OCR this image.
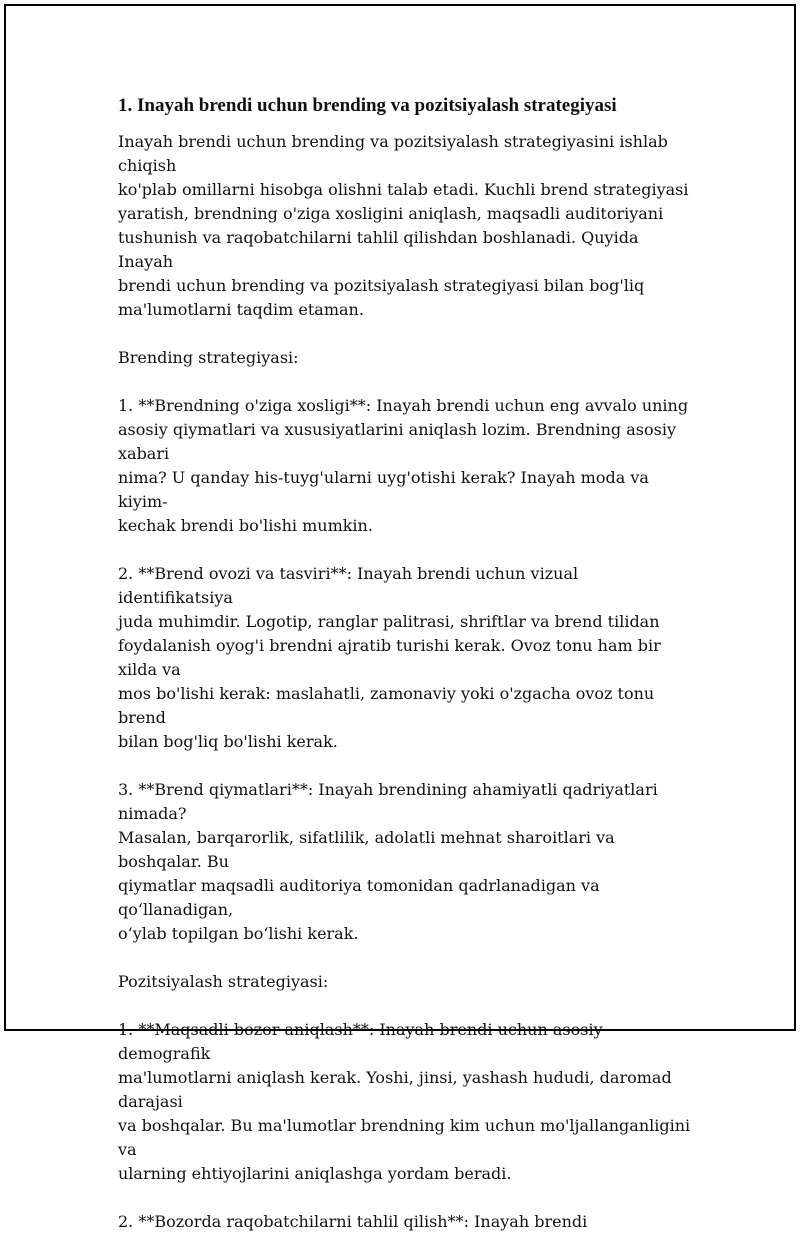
1. Inayah brendi uchun brending va pozitsiyalash strategiyasi

Inayah brendi uchun brending va pozitsiyalash strategiyasini ishlab chiqish
ko'plab omillarni hisobga olishni talab etadi. Kuchli brend strategiyasi
yaratish, brendning o'ziga xosligini aniqlash, maqsadli auditoriyani
tushunish va raqobatchilarni tahlil qilishdan boshlanadi. Quyida Inayah
brendi uchun brending va pozitsiyalash strategiyasi bilan bog'liq
ma'lumotlarni taqdim etaman.

Brending strategiyasi:

1. **Brendning o'ziga xosligi**: Inayah brendi uchun eng avvalo uning
asosiy qiymatlari va xususiyatlarini aniqlash lozim. Brendning asosiy xabari
nima? U qanday his-tuyg'ularni uyg'otishi kerak? Inayah moda va kiyim-
kechak brendi bo'lishi mumkin.

2. **Brend ovozi va tasviri**: Inayah brendi uchun vizual identifikatsiya
juda muhimdir. Logotip, ranglar palitrasi, shriftlar va brend tilidan
foydalanish oyog'i brendni ajratib turishi kerak. Ovoz tonu ham bir xilda va
mos bo'lishi kerak: maslahatli, zamonaviy yoki o'zgacha ovoz tonu brend
bilan bog'liq bo'lishi kerak.

3. **Brend qiymatlari**: Inayah brendining ahamiyatli qadriyatlari nimada?
Masalan, barqarorlik, sifatlilik, adolatli mehnat sharoitlari va boshqalar. Bu
qiymatlar maqsadli auditoriya tomonidan qadrlanadigan va qo‘llanadigan,
o‘ylab topilgan bo‘lishi kerak.

Pozitsiyalash strategiyasi:

1. **Maqsadli bozor aniqlash**: Inayah brendi uchun asosiy demografik
ma'lumotlarni aniqlash kerak. Yoshi, jinsi, yashash hududi, daromad darajasi
va boshqalar. Bu ma'lumotlar brendning kim uchun mo'ljallanganligini va
ularning ehtiyojlarini aniqlashga yordam beradi.

2. **Bozorda raqobatchilarni tahlil qilish**: Inayah brendi
